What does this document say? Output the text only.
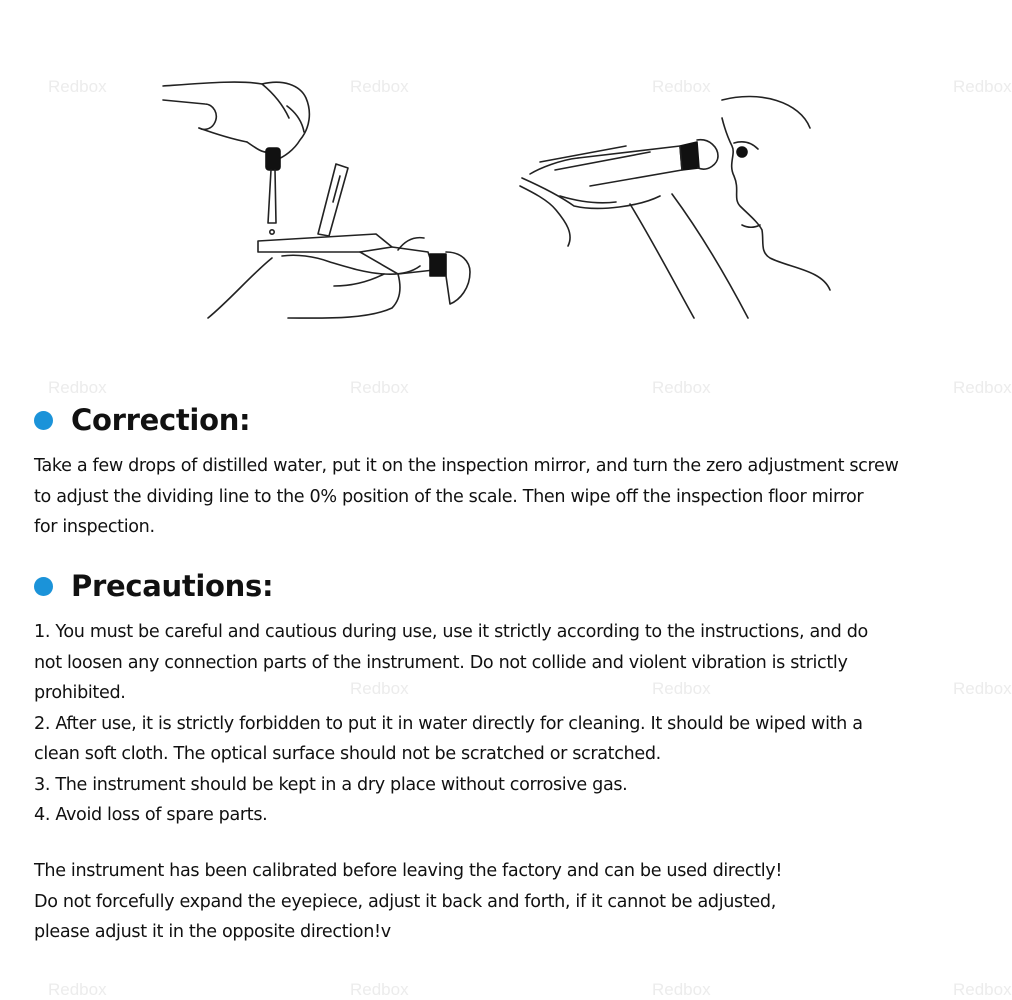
Redbox	Redbox	Redbox	Redbox
Redbox	Redbox	Redbox	Redbox
Redbox	Redbox	Redbox
Redbox	Redbox	Redbox	Redbox
Correction:
Take a few drops of distilled water, put it on the inspection mirror, and turn the zero adjustment screw
to adjust the dividing line to the 0% position of the scale. Then wipe off the inspection floor mirror
for inspection.
Precautions:
1. You must be careful and cautious during use, use it strictly according to the instructions, and do
not loosen any connection parts of the instrument. Do not collide and violent vibration is strictly
prohibited.
2. After use, it is strictly forbidden to put it in water directly for cleaning. It should be wiped with a
clean soft cloth. The optical surface should not be scratched or scratched.
3. The instrument should be kept in a dry place without corrosive gas.
4. Avoid loss of spare parts.
The instrument has been calibrated before leaving the factory and can be used directly!
Do not forcefully expand the eyepiece, adjust it back and forth, if it cannot be adjusted,
please adjust it in the opposite direction!v
